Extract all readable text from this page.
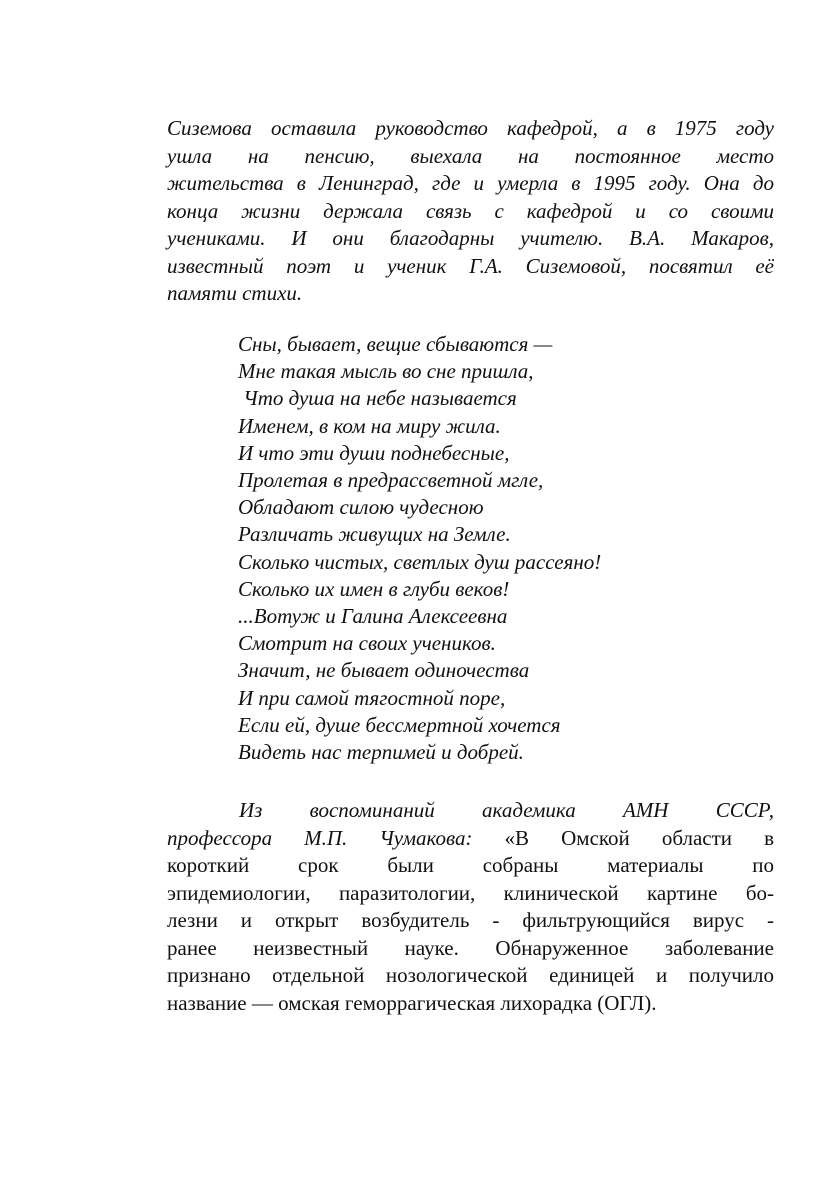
Сиземова оставила руководство кафедрой, а в 1975 году
ушла на пенсию, выехала на постоянное место
жительства в Ленинград, где и умерла в 1995 году. Она до
конца жизни держала связь с кафедрой и со своими
учениками. И они благодарны учителю. В.А. Макаров,
известный поэт и ученик Г.А. Сиземовой, посвятил её
памяти стихи.
Сны, бывает, вещие сбываются —
Мне такая мысль во сне пришла,
Что душа на небе называется
Именем, в ком на миру жила.
И что эти души поднебесные,
Пролетая в предрассветной мгле,
Обладают силою чудесною
Различать живущих на Земле.
Сколько чистых, светлых душ рассеяно!
Сколько их имен в глуби веков!
...Вотуж и Галина Алексеевна
Смотрит на своих учеников.
Значит, не бывает одиночества
И при самой тягостной поре,
Если ей, душе бессмертной хочется
Видеть нас терпимей и добрей.
Из воспоминаний академика АМН СССР,
профессора М.П. Чумакова: «В Омской области в
короткий срок были собраны материалы по
эпидемиологии, паразитологии, клинической картине бо-
лезни и открыт возбудитель - фильтрующийся вирус -
ранее неизвестный науке. Обнаруженное заболевание
признано отдельной нозологической единицей и получило
название — омская геморрагическая лихорадка (ОГЛ).
